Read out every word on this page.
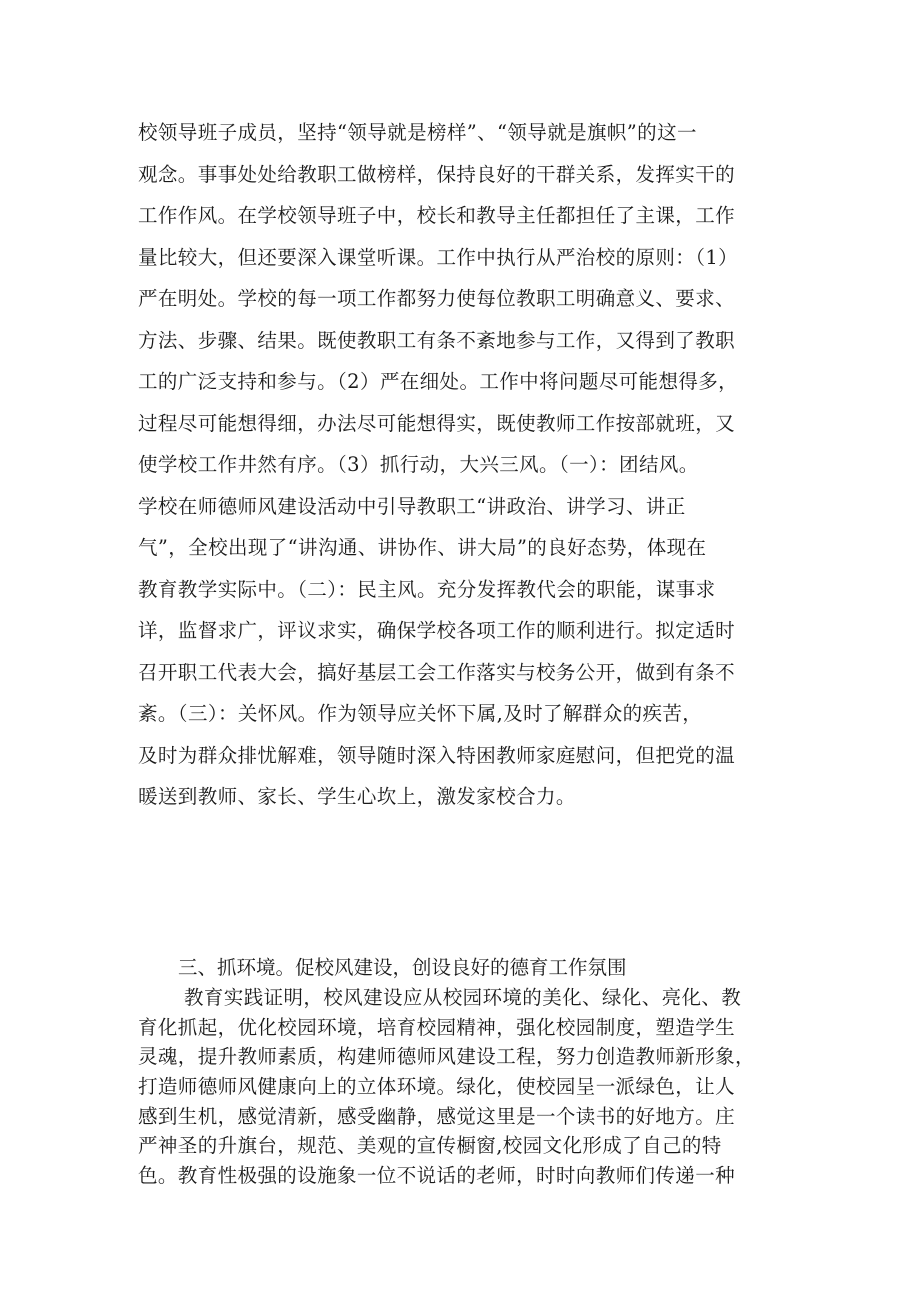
校领导班子成员，坚持“领导就是榜样”、“领导就是旗帜”的这一
观念。事事处处给教职工做榜样，保持良好的干群关系，发挥实干的
工作作风。在学校领导班子中，校长和教导主任都担任了主课，工作
量比较大，但还要深入课堂听课。工作中执行从严治校的原则：（1）
严在明处。学校的每一项工作都努力使每位教职工明确意义、要求、
方法、步骤、结果。既使教职工有条不紊地参与工作，又得到了教职
工的广泛支持和参与。（2）严在细处。工作中将问题尽可能想得多，
过程尽可能想得细，办法尽可能想得实，既使教师工作按部就班，又
使学校工作井然有序。（3）抓行动，大兴三风。（一）：团结风。
学校在师德师风建设活动中引导教职工“讲政治、讲学习、讲正
气”，全校出现了“讲沟通、讲协作、讲大局”的良好态势，体现在
教育教学实际中。（二）：民主风。充分发挥教代会的职能，谋事求
详，监督求广，评议求实，确保学校各项工作的顺利进行。拟定适时
召开职工代表大会，搞好基层工会工作落实与校务公开，做到有条不
紊。（三）：关怀风。作为领导应关怀下属,及时了解群众的疾苦，
及时为群众排忧解难，领导随时深入特困教师家庭慰问，但把党的温
暖送到教师、家长、学生心坎上，激发家校合力。
三、抓环境。促校风建设，创设良好的德育工作氛围
教育实践证明，校风建设应从校园环境的美化、绿化、亮化、教
育化抓起，优化校园环境，培育校园精神，强化校园制度，塑造学生
灵魂，提升教师素质，构建师德师风建设工程，努力创造教师新形象，
打造师德师风健康向上的立体环境。绿化，使校园呈一派绿色，让人
感到生机，感觉清新，感受幽静，感觉这里是一个读书的好地方。庄
严神圣的升旗台，规范、美观的宣传橱窗,校园文化形成了自己的特
色。教育性极强的设施象一位不说话的老师，时时向教师们传递一种
